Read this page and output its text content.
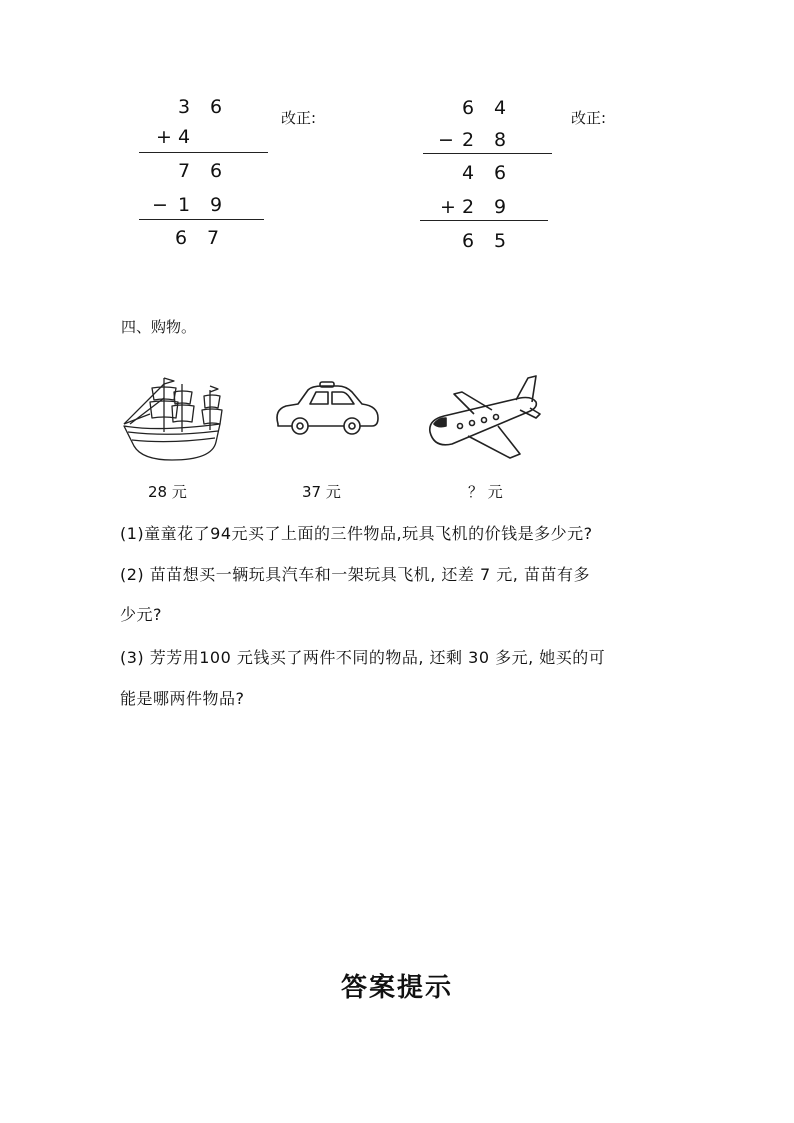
3 6
+ 4
7 6
− 1 9
6 7
改正:	6 4
− 2 8
4 6
+ 2 9
6 5
改正:
四、购物。
28 元	37 元	？ 元
(1)童童花了94元买了上面的三件物品,玩具飞机的价钱是多少元?
(2) 苗苗想买一辆玩具汽车和一架玩具飞机, 还差 7 元, 苗苗有多
少元?
(3) 芳芳用100 元钱买了两件不同的物品, 还剩 30 多元, 她买的可
能是哪两件物品?
答案提示
